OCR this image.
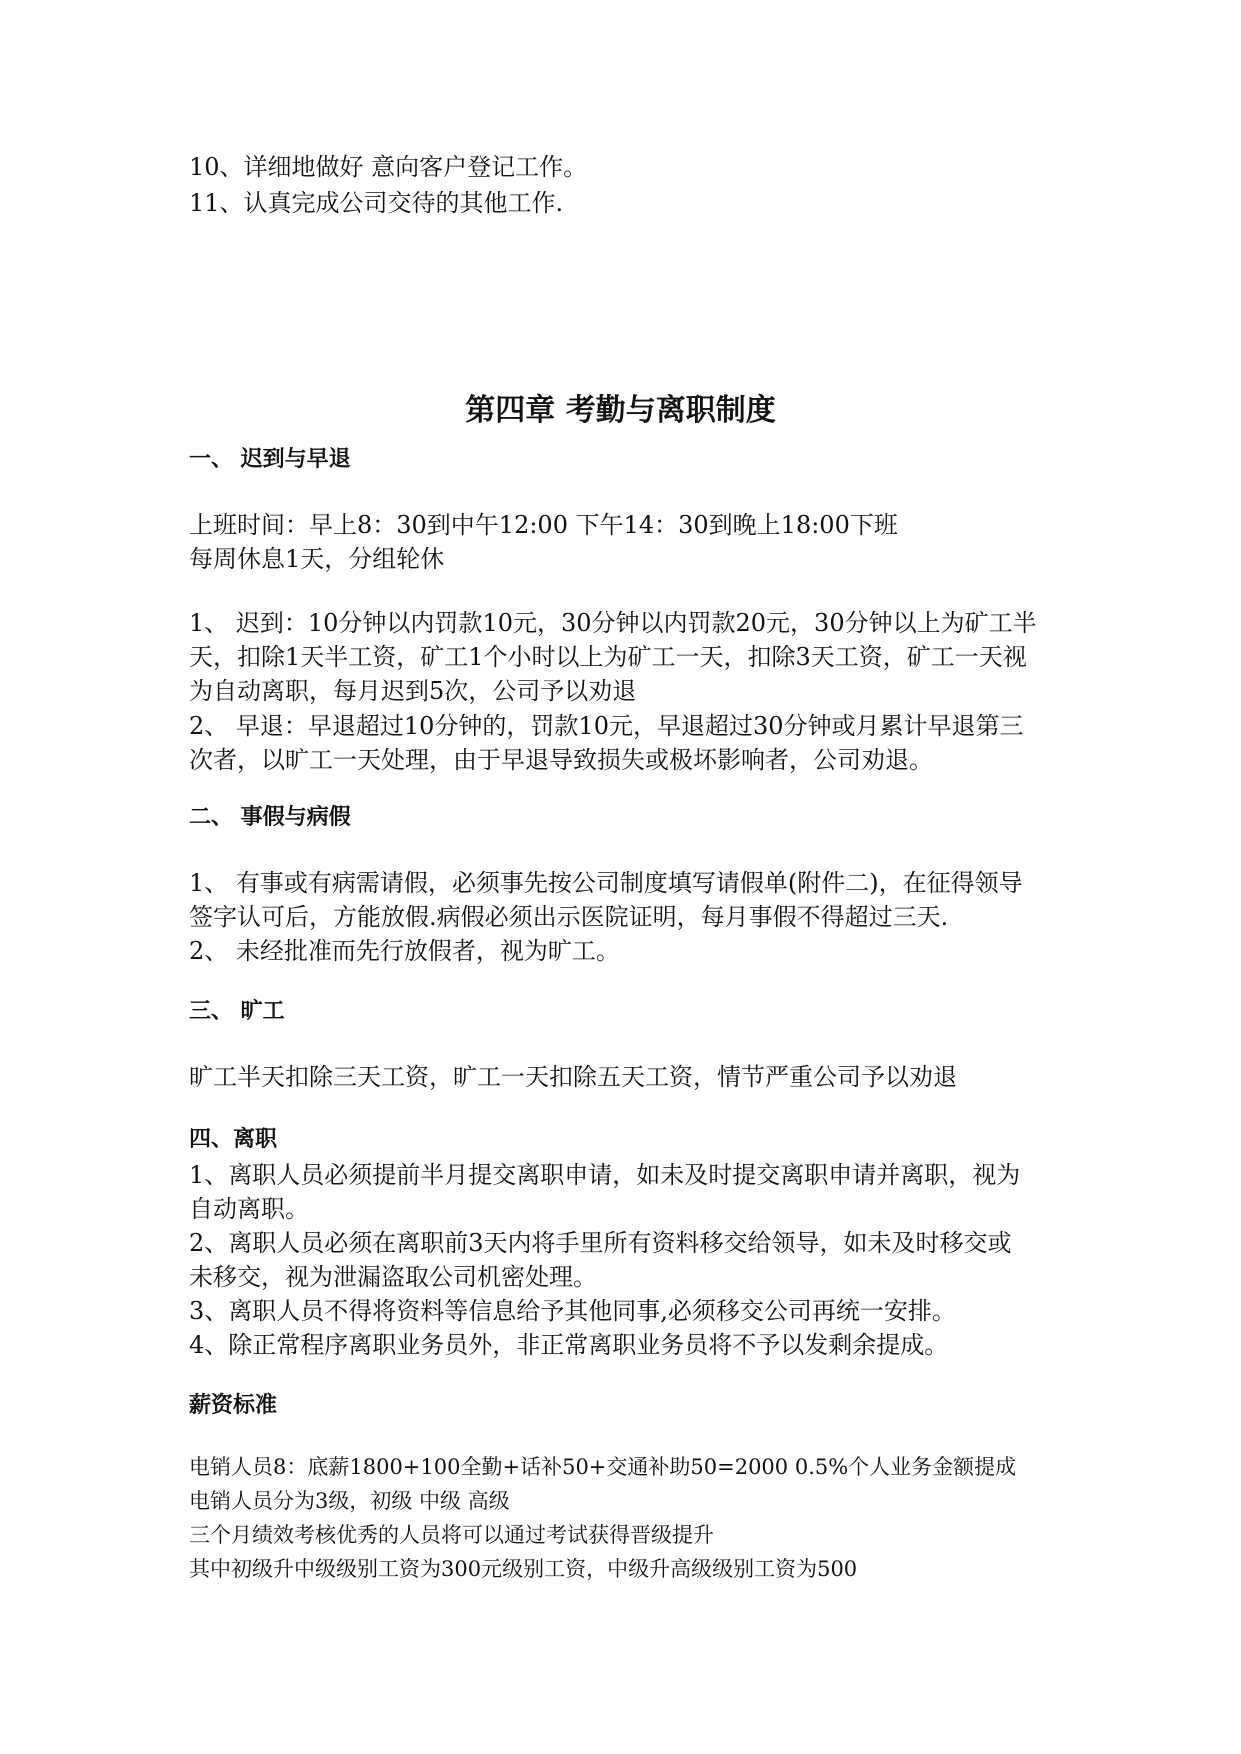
10、详细地做好 意向客户登记工作。
11、认真完成公司交待的其他工作.
第四章 考勤与离职制度
一、 迟到与早退
上班时间：早上8：30到中午12:00 下午14：30到晚上18:00下班
每周休息1天，分组轮休
1、 迟到：10分钟以内罚款10元，30分钟以内罚款20元，30分钟以上为矿工半
天，扣除1天半工资，矿工1个小时以上为矿工一天，扣除3天工资，矿工一天视
为自动离职，每月迟到5次，公司予以劝退
2、 早退：早退超过10分钟的，罚款10元，早退超过30分钟或月累计早退第三
次者，以旷工一天处理，由于早退导致损失或极坏影响者，公司劝退。
二、 事假与病假
1、 有事或有病需请假，必须事先按公司制度填写请假单(附件二)，在征得领导
签字认可后，方能放假.病假必须出示医院证明，每月事假不得超过三天.
2、 未经批准而先行放假者，视为旷工。
三、 旷工
旷工半天扣除三天工资，旷工一天扣除五天工资，情节严重公司予以劝退
四、离职
1、离职人员必须提前半月提交离职申请，如未及时提交离职申请并离职，视为
自动离职。
2、离职人员必须在离职前3天内将手里所有资料移交给领导，如未及时移交或
未移交，视为泄漏盗取公司机密处理。
3、离职人员不得将资料等信息给予其他同事,必须移交公司再统一安排。
4、除正常程序离职业务员外，非正常离职业务员将不予以发剩余提成。
薪资标准
电销人员8：底薪1800+100全勤+话补50+交通补助50=2000 0.5%个人业务金额提成
电销人员分为3级，初级 中级 高级
三个月绩效考核优秀的人员将可以通过考试获得晋级提升
其中初级升中级级别工资为300元级别工资，中级升高级级别工资为500
